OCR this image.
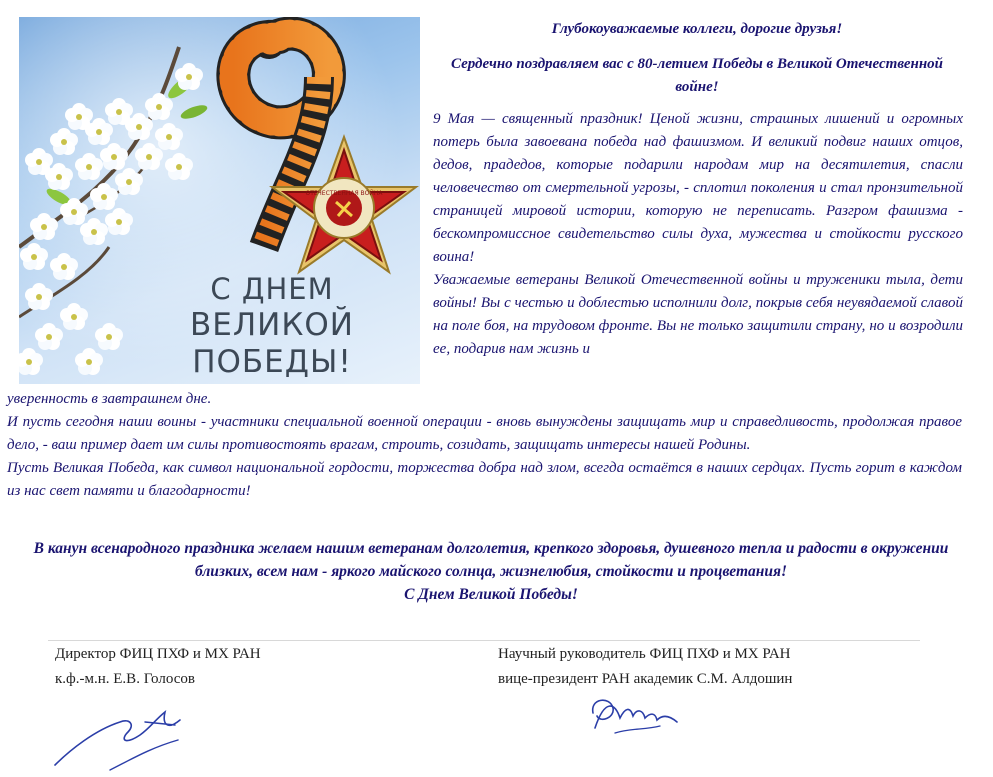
ОТЕЧЕСТВЕННАЯ ВОЙНА
С ДНЕМ
ВЕЛИКОЙ
ПОБЕДЫ!
Глубокоуважаемые коллеги, дорогие друзья!
Сердечно поздравляем вас с 80-летием Победы в Великой Отечественной войне!

9 Мая — священный праздник! Ценой жизни, страшных лишений и огромных потерь была завоевана победа над фашизмом. И великий подвиг наших отцов, дедов, прадедов, которые подарили народам мир на десятилетия, спасли человечество от смертельной угрозы, - сплотил поколения и стал пронзительной страницей мировой истории, которую не переписать. Разгром фашизма - бескомпромиссное свидетельство силы духа, мужества и стойкости русского воина!

Уважаемые ветераны Великой Отечественной войны и труженики тыла, дети войны! Вы с честью и доблестью исполнили долг, покрыв себя неувядаемой славой на поле боя, на трудовом фронте. Вы не только защитили страну, но и возродили ее, подарив нам жизнь и

уверенность в завтрашнем дне.

И пусть сегодня наши воины - участники специальной военной операции - вновь вынуждены защищать мир и справедливость, продолжая правое дело, - ваш пример дает им силы противостоять врагам, строить, созидать, защищать интересы нашей Родины.

Пусть Великая Победа, как символ национальной гордости, торжества добра над злом, всегда остаётся в наших сердцах. Пусть горит в каждом из нас свет памяти и благодарности!

В канун всенародного праздника желаем нашим ветеранам долголетия, крепкого здоровья, душевного тепла и радости в окружении близких, всем нам - яркого майского солнца, жизнелюбия, стойкости и процветания!

С Днем Великой Победы!

Директор ФИЦ ПХФ и МХ РАН
к.ф.-м.н. Е.В. Голосов
Научный руководитель ФИЦ ПХФ и МХ РАН
вице-президент РАН академик С.М. Алдошин
